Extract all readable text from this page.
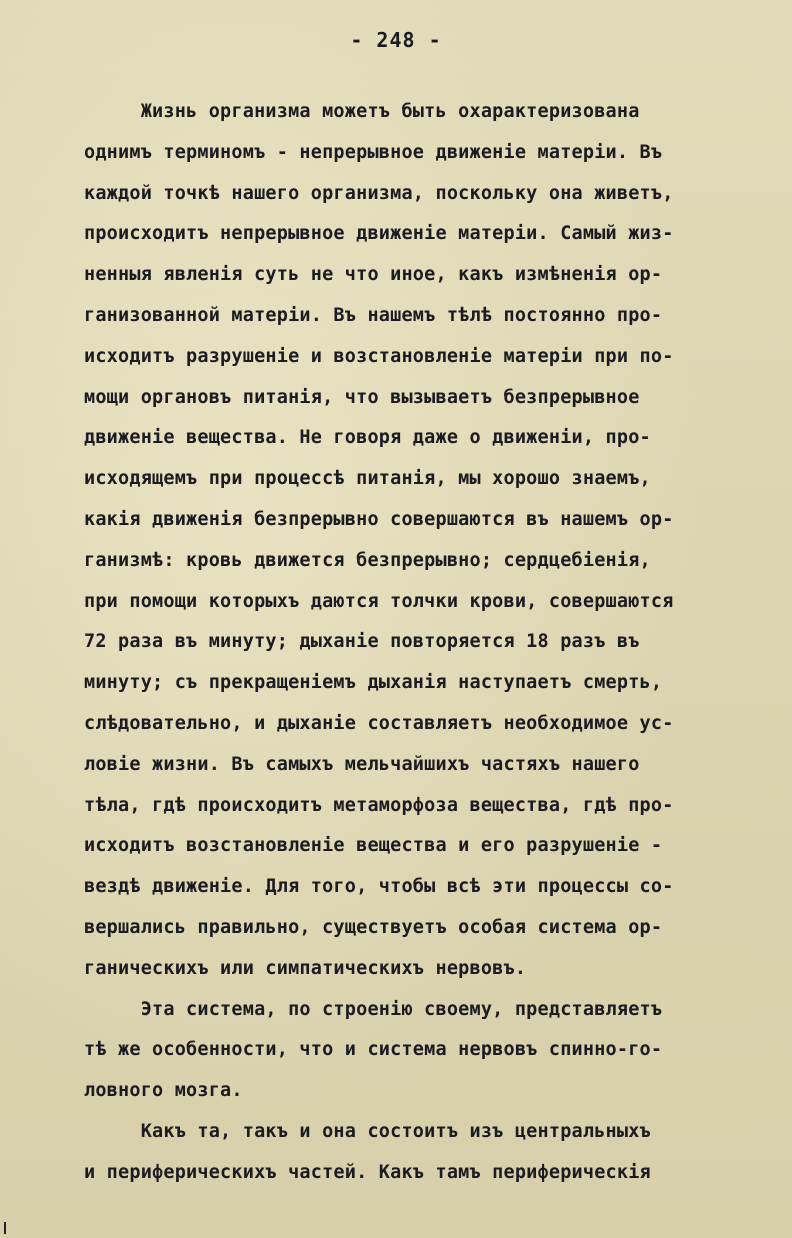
- 248 -
Жизнь организма можетъ быть охарактеризована
однимъ терминомъ - непрерывное движенiе матерiи. Въ
каждой точкѣ нашего организма, поскольку она живетъ,
происходитъ непрерывное движенiе матерiи. Самый жиз-
ненныя явленiя суть не что иное, какъ измѣненiя ор-
ганизованной матерiи. Въ нашемъ тѣлѣ постоянно про-
исходитъ разрушенiе и возстановленiе матерiи при по-
мощи органовъ питанiя, что вызываетъ безпрерывное
движенiе вещества. Не говоря даже о движенiи, про-
исходящемъ при процессѣ питанiя, мы хорошо знаемъ,
какiя движенiя безпрерывно совершаются въ нашемъ ор-
ганизмѣ: кровь движется безпрерывно; сердцебiенiя,
при помощи которыхъ даются толчки крови, совершаются
72 раза въ минуту; дыханiе повторяется 18 разъ въ
минуту; съ прекращенiемъ дыханiя наступаетъ смерть,
слѣдовательно, и дыханiе составляетъ необходимое ус-
ловiе жизни. Въ самыхъ мельчайшихъ частяхъ нашего
тѣла, гдѣ происходитъ метаморфоза вещества, гдѣ про-
исходитъ возстановленiе вещества и его разрушенiе -
вездѣ движенiе. Для того, чтобы всѣ эти процессы со-
вершались правильно, существуетъ особая система ор-
ганическихъ или симпатическихъ нервовъ.
Эта система, по строенiю своему, представляетъ
тѣ же особенности, что и система нервовъ спинно-го-
ловного мозга.
Какъ та, такъ и она состоитъ изъ центральныхъ
и периферическихъ частей. Какъ тамъ периферическiя
